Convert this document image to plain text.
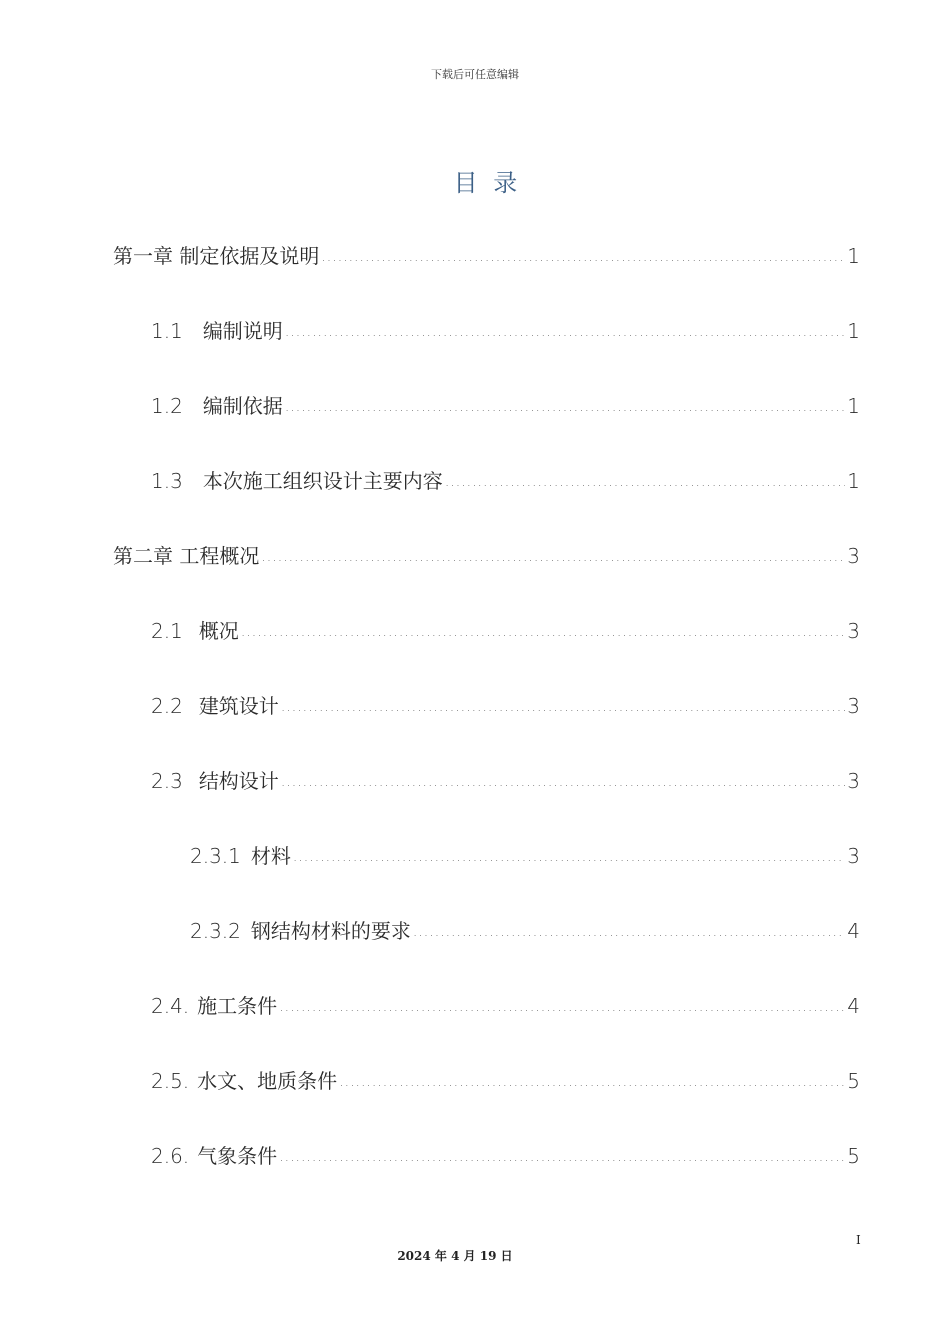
下载后可任意编辑
目 录
第一章 制定依据及说明 .....	1
1.1 编制说明 .....	1
1.2 编制依据 .....	1
1.3 本次施工组织设计主要内容 .....	1
第二章 工程概况 .....	3
2.1 概况 .....	3
2.2 建筑设计 .....	3
2.3 结构设计 .....	3
2.3.1 材料 .....	3
2.3.2 钢结构材料的要求 .....	4
2.4. 施工条件 .....	4
2.5. 水文、地质条件 .....	5
2.6. 气象条件 .....	5
I
2024 年 4 月 19 日
